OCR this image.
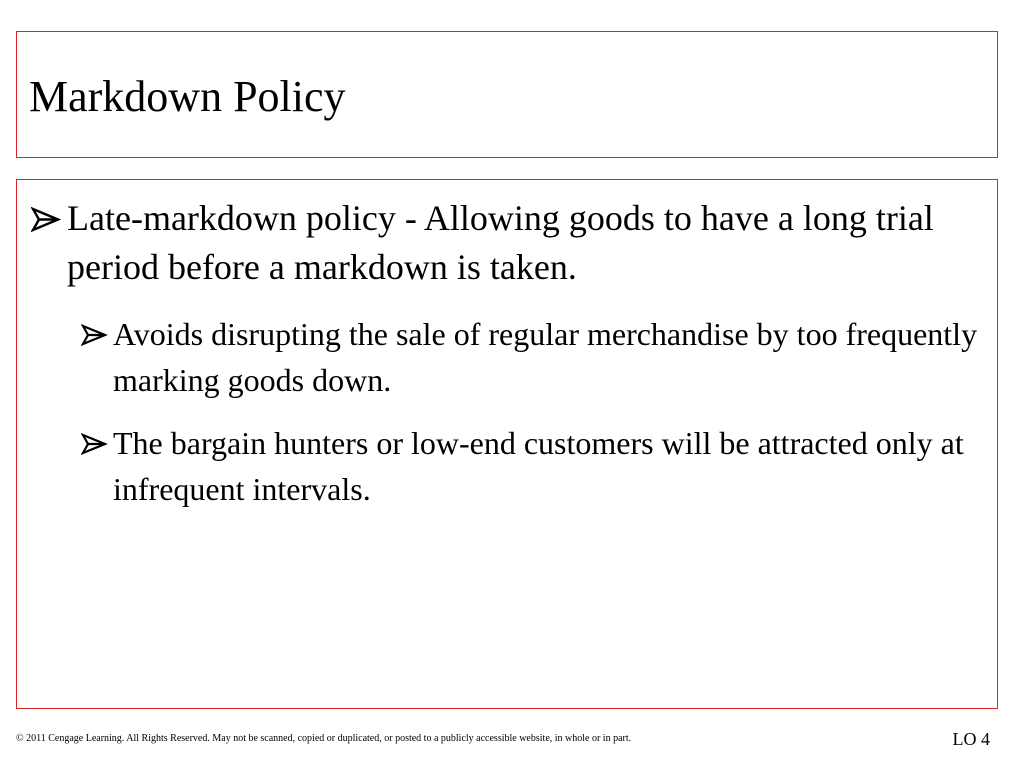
Markdown Policy
Late-markdown policy - Allowing goods to have a long trial period before a markdown is taken.
Avoids disrupting the sale of regular merchandise by too frequently marking goods down.
The bargain hunters or low-end customers will be attracted only at infrequent intervals.
© 2011 Cengage Learning. All Rights Reserved. May not be scanned, copied or duplicated, or posted to a publicly accessible website, in whole or in part.	LO 4
